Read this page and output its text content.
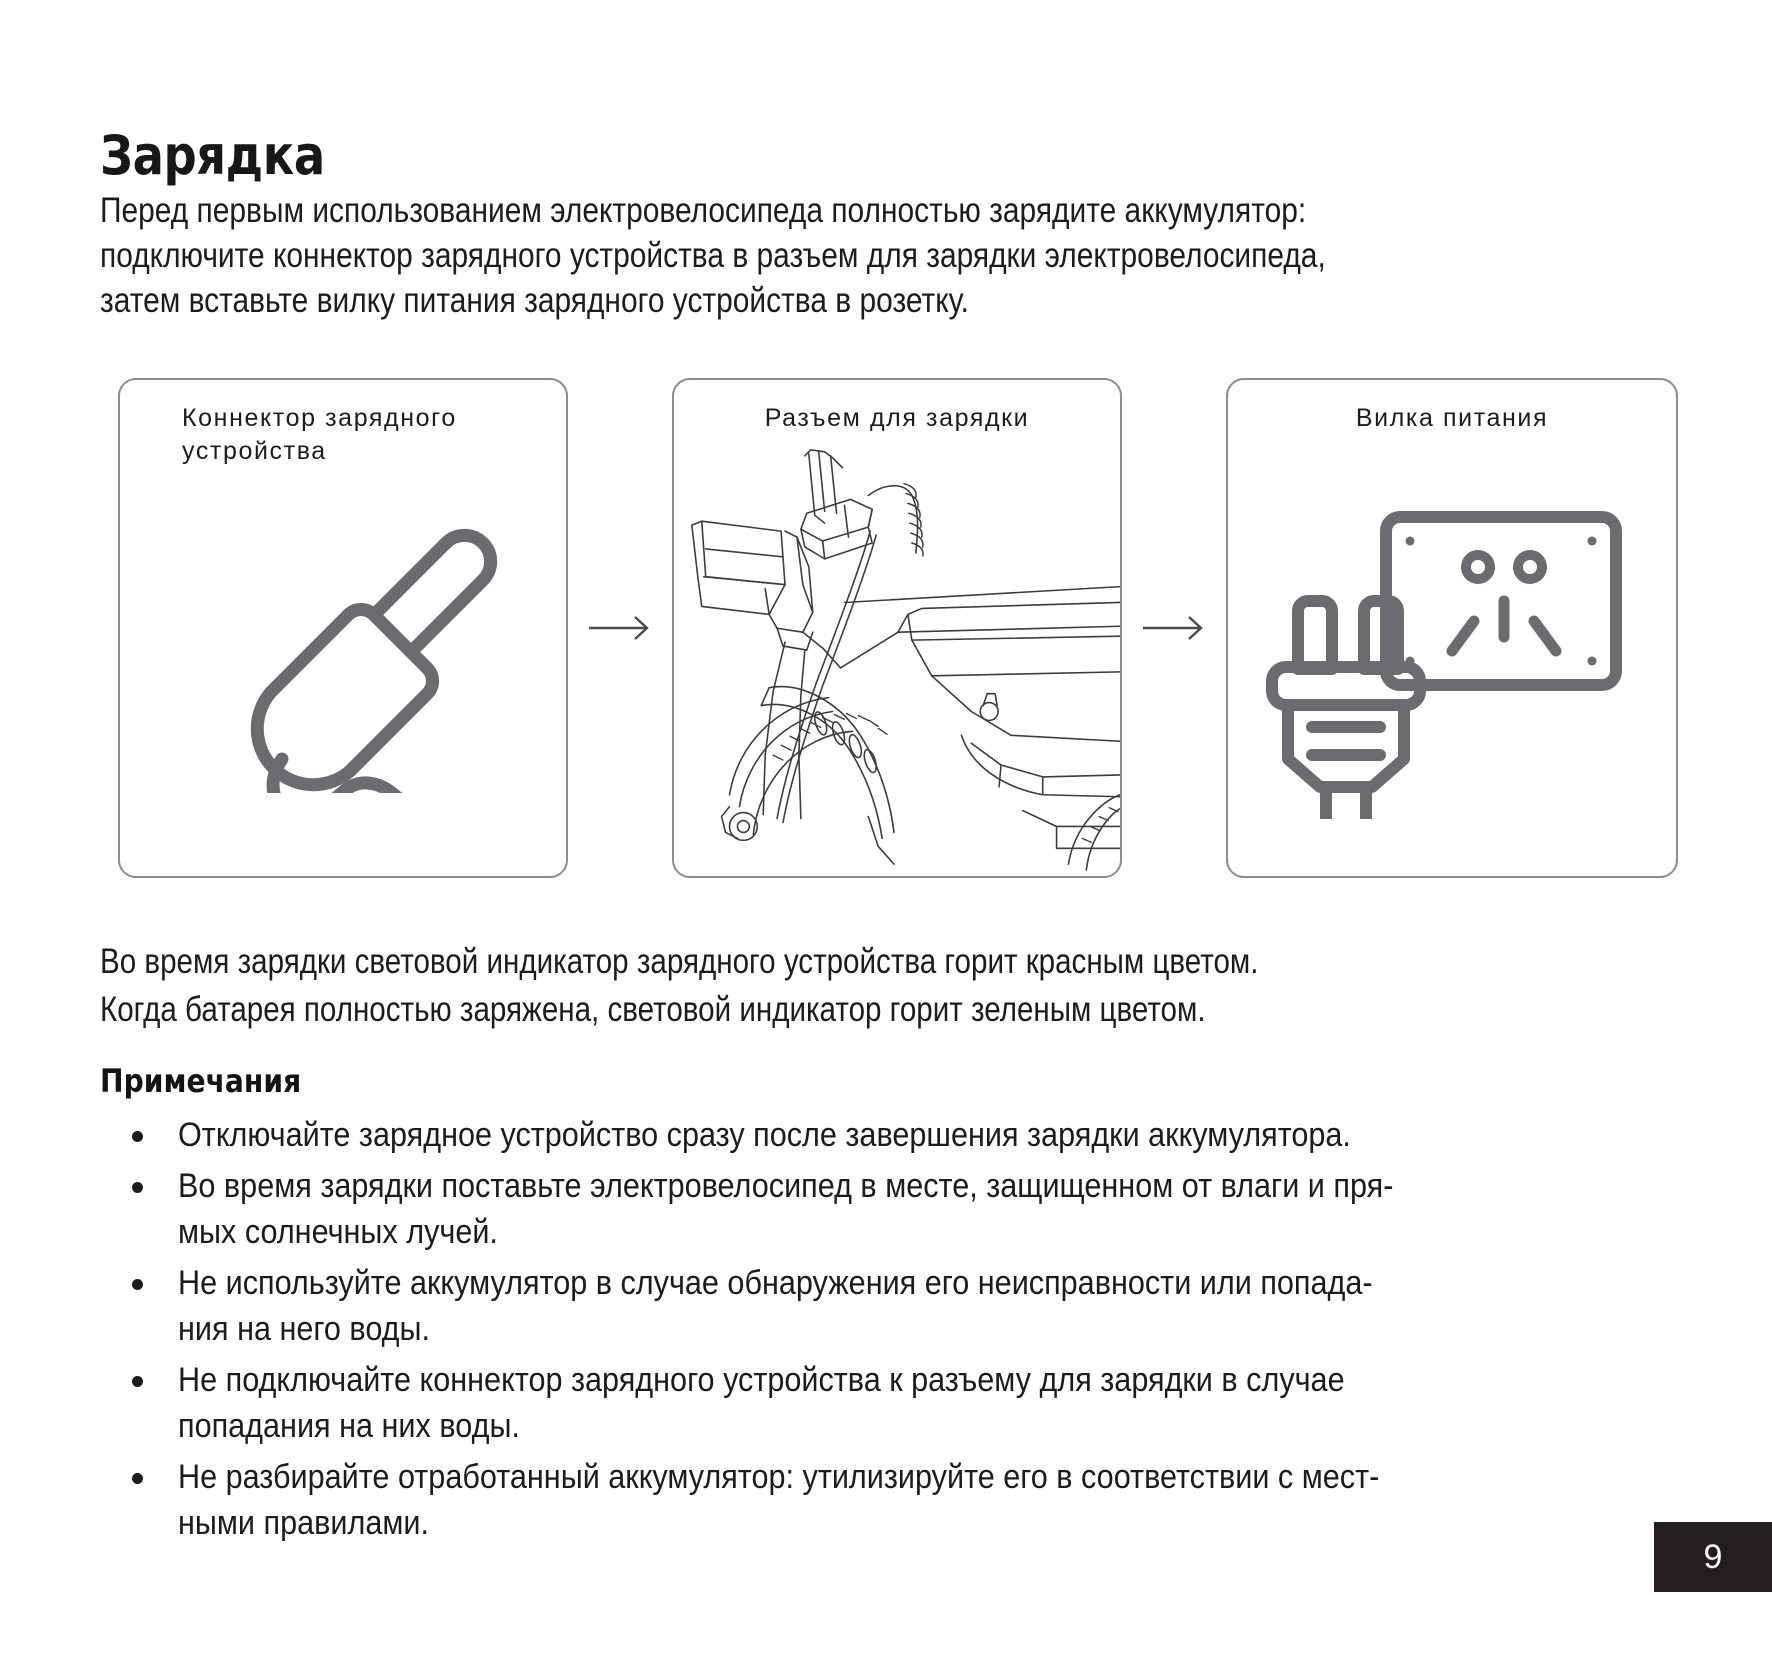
Зарядка
Перед первым использованием электровелосипеда полностью зарядите аккумулятор:
подключите коннектор зарядного устройства в разъем для зарядки электровелосипеда,
затем вставьте вилку питания зарядного устройства в розетку.
Коннектор зарядного
устройства
Разъем для зарядки	Вилка питания
Во время зарядки световой индикатор зарядного устройства горит красным цветом.
Когда батарея полностью заряжена, световой индикатор горит зеленым цветом.
Примечания
Отключайте зарядное устройство сразу после завершения зарядки аккумулятора.
Во время зарядки поставьте электровелосипед в месте, защищенном от влаги и пря-
мых солнечных лучей.
Не используйте аккумулятор в случае обнаружения его неисправности или попада-
ния на него воды.
Не подключайте коннектор зарядного устройства к разъему для зарядки в случае
попадания на них воды.
Не разбирайте отработанный аккумулятор: утилизируйте его в соответствии с мест-
ными правилами.
9
